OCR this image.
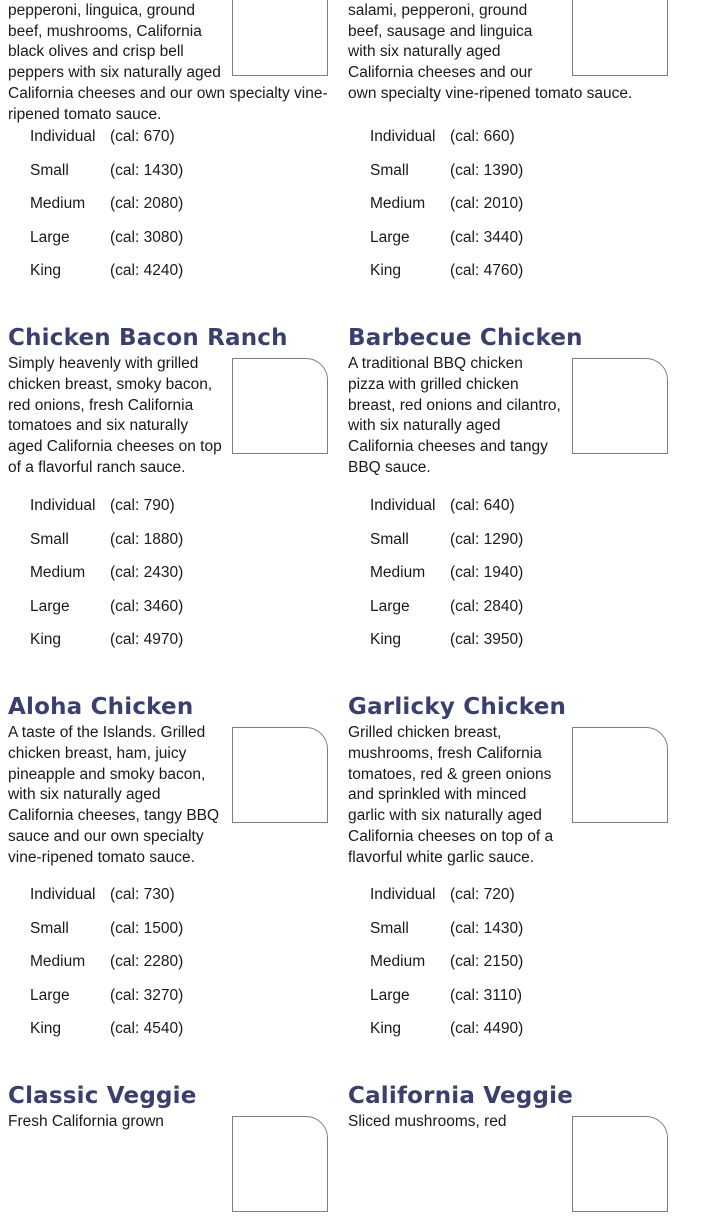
pepperoni, linguica, ground beef, mushrooms, California black olives and crisp bell peppers with six naturally aged California cheeses and our own specialty vine-ripened tomato sauce.

Individual (cal: 670)
Small	(cal: 1430)
Medium (cal: 2080)
Large	(cal: 3080)
King	(cal: 4240)
Chicken Bacon Ranch

Simply heavenly with grilled chicken breast, smoky bacon, red onions, fresh California tomatoes and six naturally aged California cheeses on top of a flavorful ranch sauce.

Individual (cal: 790)
Small	(cal: 1880)
Medium (cal: 2430)
Large	(cal: 3460)
King	(cal: 4970)
Aloha Chicken

A taste of the Islands. Grilled chicken breast, ham, juicy pineapple and smoky bacon, with six naturally aged California cheeses, tangy BBQ sauce and our own specialty vine-ripened tomato sauce.

Individual (cal: 730)
Small	(cal: 1500)
Medium (cal: 2280)
Large	(cal: 3270)
King	(cal: 4540)
Classic Veggie

Fresh California grown

salami, pepperoni, ground beef, sausage and linguica with six naturally aged California cheeses and our own specialty vine-ripened tomato sauce.

Individual (cal: 660)
Small	(cal: 1390)
Medium (cal: 2010)
Large	(cal: 3440)
King	(cal: 4760)
Barbecue Chicken

A traditional BBQ chicken pizza with grilled chicken breast, red onions and cilantro, with six naturally aged California cheeses and tangy BBQ sauce.

Individual (cal: 640)
Small	(cal: 1290)
Medium (cal: 1940)
Large	(cal: 2840)
King	(cal: 3950)
Garlicky Chicken

Grilled chicken breast, mushrooms, fresh California tomatoes, red & green onions and sprinkled with minced garlic with six naturally aged California cheeses on top of a flavorful white garlic sauce.

Individual (cal: 720)
Small	(cal: 1430)
Medium (cal: 2150)
Large	(cal: 3110)
King	(cal: 4490)
California Veggie

Sliced mushrooms, red
